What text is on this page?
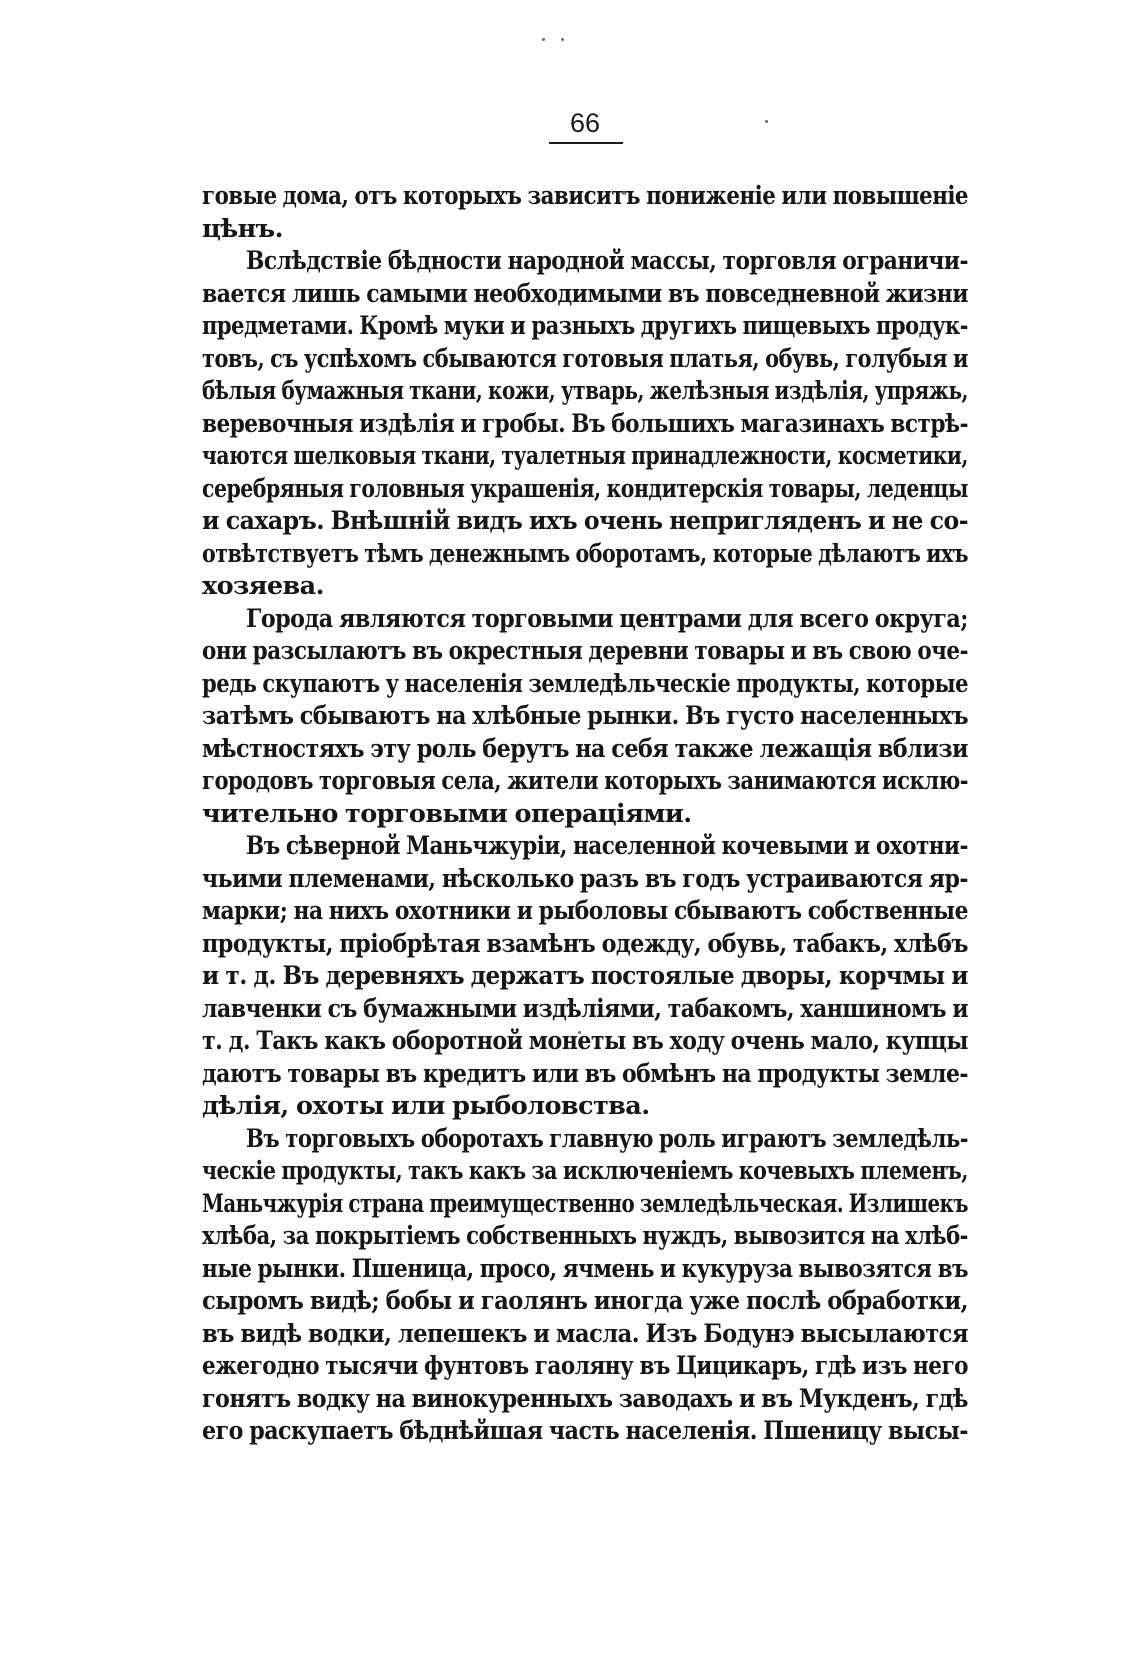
66
говые дома, отъ которыхъ зависитъ пониженіе или повышеніе
цѣнъ.
Вслѣдствіе бѣдности народной массы, торговля ограничи-
вается лишь самыми необходимыми въ повседневной жизни
предметами. Кромѣ муки и разныхъ другихъ пищевыхъ продук-
товъ, съ успѣхомъ сбываются готовыя платья, обувь, голубыя и
бѣлыя бумажныя ткани, кожи, утварь, желѣзныя издѣлія, упряжь,
веревочныя издѣлія и гробы. Въ большихъ магазинахъ встрѣ-
чаются шелковыя ткани, туалетныя принадлежности, косметики,
серебряныя головныя украшенія, кондитерскія товары, леденцы
и сахаръ. Внѣшній видъ ихъ очень непригляденъ и не со-
отвѣтствуетъ тѣмъ денежнымъ оборотамъ, которые дѣлаютъ ихъ
хозяева.
Города являются торговыми центрами для всего округа;
они разсылаютъ въ окрестныя деревни товары и въ свою оче-
редь скупаютъ у населенія земледѣльческіе продукты, которые
затѣмъ сбываютъ на хлѣбные рынки. Въ густо населенныхъ
мѣстностяхъ эту роль берутъ на себя также лежащія вблизи
городовъ торговыя села, жители которыхъ занимаются исклю-
чительно торговыми операціями.
Въ сѣверной Маньчжуріи, населенной кочевыми и охотни-
чьими племенами, нѣсколько разъ въ годъ устраиваются яр-
марки; на нихъ охотники и рыболовы сбываютъ собственные
продукты, пріобрѣтая взамѣнъ одежду, обувь, табакъ, хлѣбъ
и т. д. Въ деревняхъ держатъ постоялые дворы, корчмы и
лавченки съ бумажными издѣліями, табакомъ, ханшиномъ и
т. д. Такъ какъ оборотной монеты въ ходу очень мало, купцы
даютъ товары въ кредитъ или въ обмѣнъ на продукты земле-
дѣлія, охоты или рыболовства.
Въ торговыхъ оборотахъ главную роль играютъ земледѣль-
ческіе продукты, такъ какъ за исключеніемъ кочевыхъ племенъ,
Маньчжурія страна преимущественно земледѣльческая. Излишекъ
хлѣба, за покрытіемъ собственныхъ нуждъ, вывозится на хлѣб-
ные рынки. Пшеница, просо, ячмень и кукуруза вывозятся въ
сыромъ видѣ; бобы и гаолянъ иногда уже послѣ обработки,
въ видѣ водки, лепешекъ и масла. Изъ Бодунэ высылаются
ежегодно тысячи фунтовъ гаоляну въ Цицикаръ, гдѣ изъ него
гонятъ водку на винокуренныхъ заводахъ и въ Мукденъ, гдѣ
его раскупаетъ бѣднѣйшая часть населенія. Пшеницу высы-
